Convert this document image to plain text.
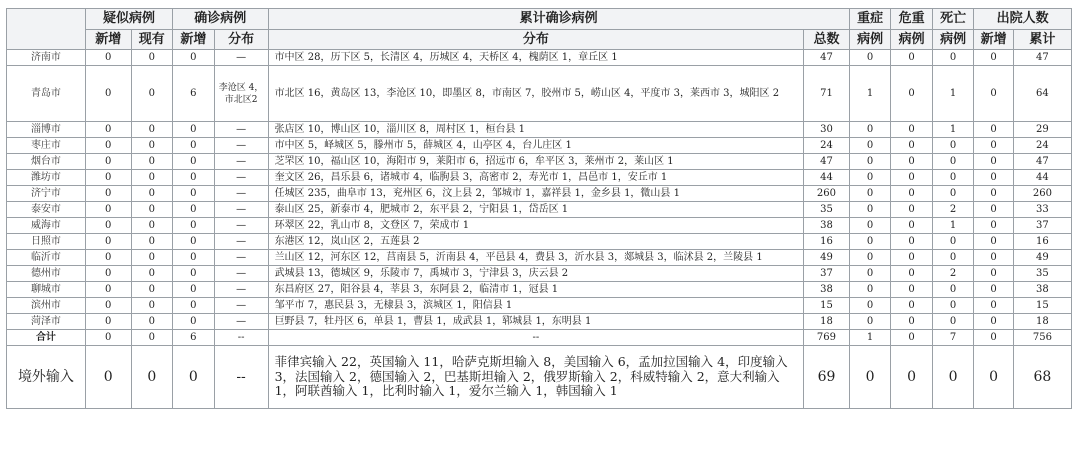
	疑似病例		确诊病例		累计确诊病例		重症	危重	死亡	出院人数	
	新增	现有	新增	分布	分布	总数	病例	病例	病例	新增	累计
济南市	0	0	0	—	市中区 28，历下区 5，长清区 4，历城区 4，天桥区 4，槐荫区 1，章丘区 1	47	0	0	0	0	47
青岛市	0	0	6	李沧区 4，市北区2	市北区 16，黄岛区 13，李沧区 10，即墨区 8，市南区 7，胶州市 5，崂山区 4，平度市 3，莱西市 3，城阳区 2	71	1	0	1	0	64
淄博市	0	0	0	—	张店区 10，博山区 10，淄川区 8，周村区 1，桓台县 1	30	0	0	1	0	29
枣庄市	0	0	0	—	市中区 5，峄城区 5，滕州市 5，薛城区 4，山亭区 4，台儿庄区 1	24	0	0	0	0	24
烟台市	0	0	0	—	芝罘区 10，福山区 10，海阳市 9，莱阳市 6，招远市 6，牟平区 3，莱州市 2，莱山区 1	47	0	0	0	0	47
潍坊市	0	0	0	—	奎文区 26，昌乐县 6，诸城市 4，临朐县 3，高密市 2，寿光市 1，昌邑市 1，安丘市 1	44	0	0	0	0	44
济宁市	0	0	0	—	任城区 235，曲阜市 13，兖州区 6，汶上县 2，邹城市 1，嘉祥县 1，金乡县 1，微山县 1	260	0	0	0	0	260
泰安市	0	0	0	—	泰山区 25，新泰市 4，肥城市 2，东平县 2，宁阳县 1，岱岳区 1	35	0	0	2	0	33
威海市	0	0	0	—	环翠区 22，乳山市 8，文登区 7，荣成市 1	38	0	0	1	0	37
日照市	0	0	0	—	东港区 12，岚山区 2，五莲县 2	16	0	0	0	0	16
临沂市	0	0	0	—	兰山区 12，河东区 12，莒南县 5，沂南县 4，平邑县 4，费县 3，沂水县 3，郯城县 3，临沭县 2，兰陵县 1	49	0	0	0	0	49
德州市	0	0	0	—	武城县 13，德城区 9，乐陵市 7，禹城市 3，宁津县 3，庆云县 2	37	0	0	2	0	35
聊城市	0	0	0	—	东昌府区 27，阳谷县 4，莘县 3，东阿县 2，临清市 1，冠县 1	38	0	0	0	0	38
滨州市	0	0	0	—	邹平市 7，惠民县 3，无棣县 3，滨城区 1，阳信县 1	15	0	0	0	0	15
菏泽市	0	0	0	—	巨野县 7，牡丹区 6，单县 1，曹县 1，成武县 1，郓城县 1，东明县 1	18	0	0	0	0	18
合计	0	0	6	--	--	769	1	0	7	0	756
境外输入	0	0	0	--	菲律宾输入 22，英国输入 11，哈萨克斯坦输入 8，美国输入 6，孟加拉国输入 4，印度输入 3，法国输入 2，德国输入 2，巴基斯坦输入 2，俄罗斯输入 2，科威特输入 2，意大利输入 1，阿联酋输入 1，比利时输入 1，爱尔兰输入 1，韩国输入 1	69	0	0	0	0	68
